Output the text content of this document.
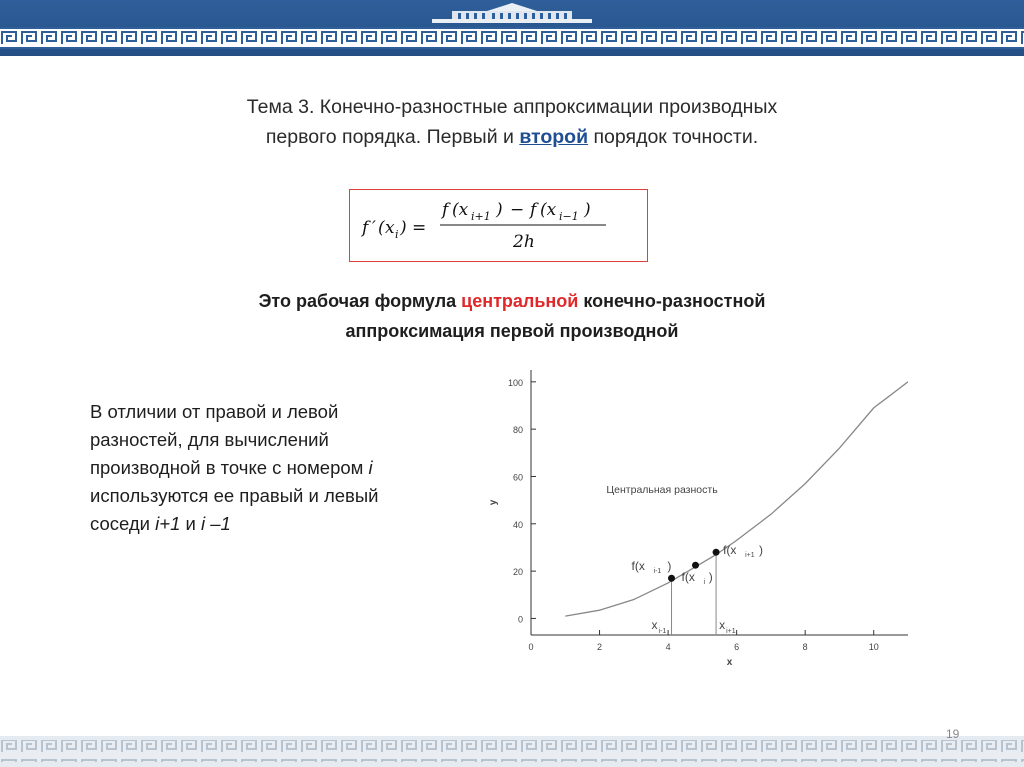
Тема 3. Конечно-разностные аппроксимации производных
первого порядка. Первый и второй порядок точности.
f ′ ( x i ) =
f (x i+1 ) − f (x i−1 )
2h
Это рабочая формула центральной конечно-разностной
аппроксимация первой производной
В отличии от правой и левой
разностей, для вычислений
производной в точке с номером i
используются ее правый и левый
соседи i+1 и i –1
0
20
40
60
80
100
0	2	4	6	8	10
x
y
Центральная разность
x i-1	x i+1
f(x i-1 )
f(x i )
f(x i+1 )
19
